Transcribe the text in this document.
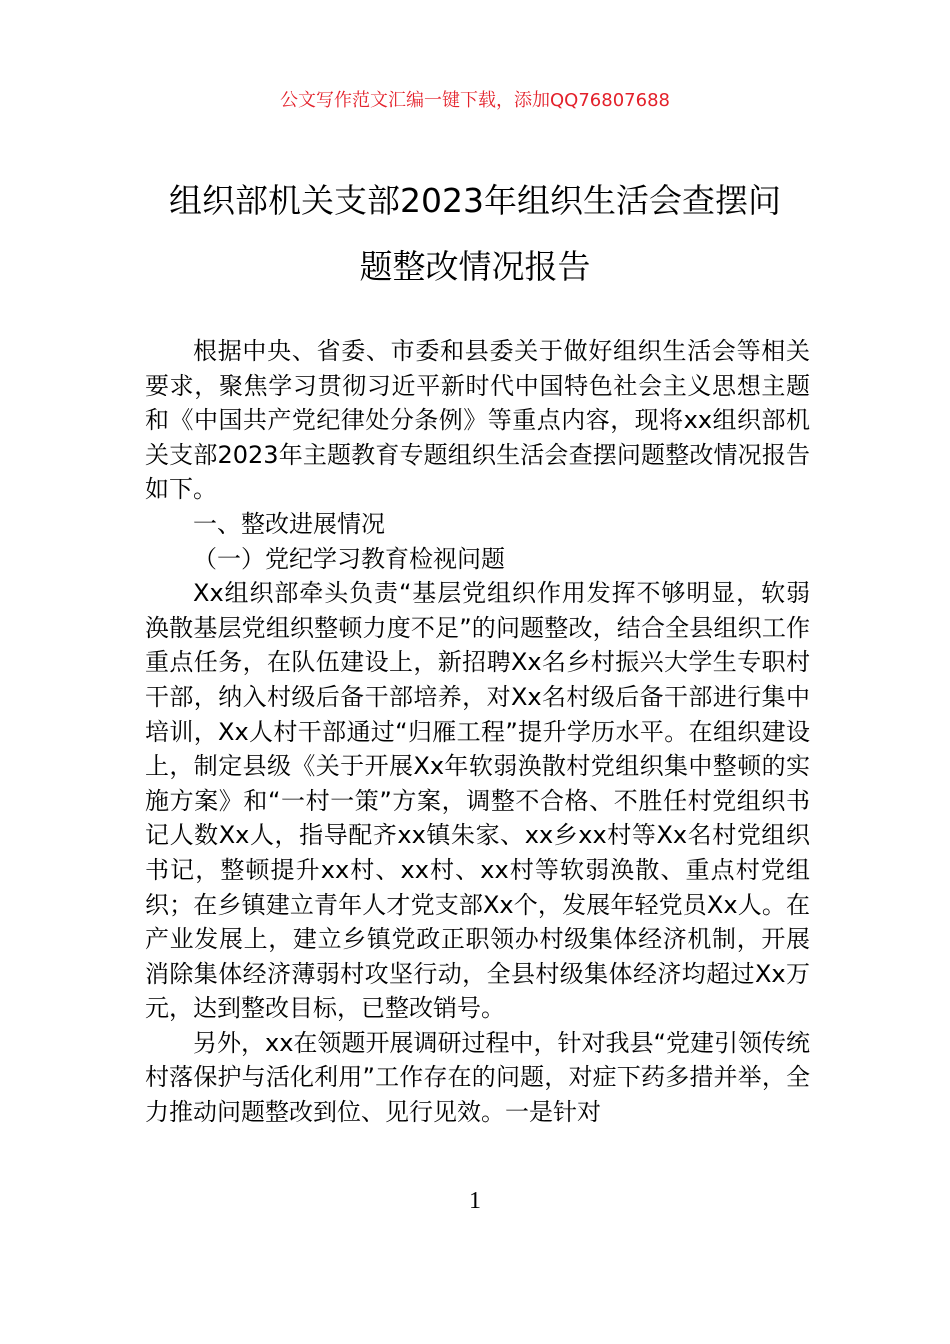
公文写作范文汇编一键下载，添加QQ76807688
组织部机关支部2023年组织生活会查摆问
题整改情况报告

根据中央、省委、市委和县委关于做好组织生活会等相关要求，聚焦学习贯彻习近平新时代中国特色社会主义思想主题和《中国共产党纪律处分条例》等重点内容，现将xx组织部机关支部2023年主题教育专题组织生活会查摆问题整改情况报告如下。

一、整改进展情况

（一）党纪学习教育检视问题

Xx组织部牵头负责“基层党组织作用发挥不够明显，软弱涣散基层党组织整顿力度不足”的问题整改，结合全县组织工作重点任务，在队伍建设上，新招聘Xx名乡村振兴大学生专职村干部，纳入村级后备干部培养，对Xx名村级后备干部进行集中培训，Xx人村干部通过“归雁工程”提升学历水平。在组织建设上，制定县级《关于开展Xx年软弱涣散村党组织集中整顿的实施方案》和“一村一策”方案，调整不合格、不胜任村党组织书记人数Xx人，指导配齐xx镇朱家、xx乡xx村等Xx名村党组织书记，整顿提升xx村、xx村、xx村等软弱涣散、重点村党组织；在乡镇建立青年人才党支部Xx个，发展年轻党员Xx人。在产业发展上，建立乡镇党政正职领办村级集体经济机制，开展消除集体经济薄弱村攻坚行动，全县村级集体经济均超过Xx万元，达到整改目标，已整改销号。

另外，xx在领题开展调研过程中，针对我县“党建引领传统村落保护与活化利用”工作存在的问题，对症下药多措并举，全力推动问题整改到位、见行见效。一是针对

1
